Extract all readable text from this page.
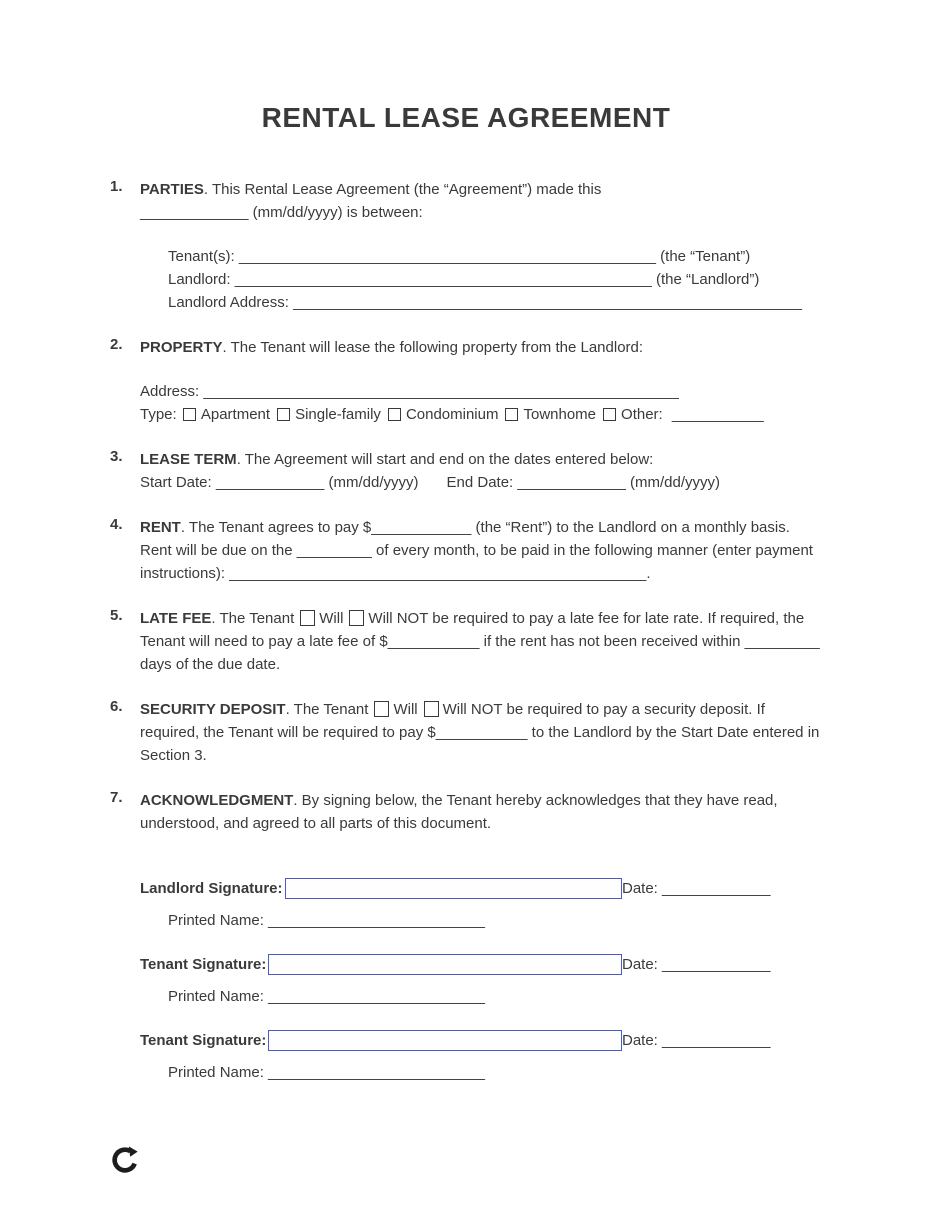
RENTAL LEASE AGREEMENT
1.	PARTIES. This Rental Lease Agreement (the “Agreement”) made this
_____________ (mm/dd/yyyy) is between:

Tenant(s): __________________________________________________ (the “Tenant”)

Landlord: __________________________________________________ (the “Landlord”)

Landlord Address: _____________________________________________________________

2.	PROPERTY. The Tenant will lease the following property from the Landlord:

Address: _________________________________________________________

Type: Apartment Single-family Condominium Townhome Other: ___________

3.	LEASE TERM. The Agreement will start and end on the dates entered below:

Start Date: _____________ (mm/dd/yyyy) End Date: _____________ (mm/dd/yyyy)

4.	RENT. The Tenant agrees to pay $____________ (the “Rent”) to the Landlord on a monthly basis. Rent will be due on the _________ of every month, to be paid in the following manner (enter payment instructions): __________________________________________________.

5.	LATE FEE. The Tenant Will Will NOT be required to pay a late fee for late rate. If required, the Tenant will need to pay a late fee of $___________ if the rent has not been received within _________ days of the due date.

6.	SECURITY DEPOSIT. The Tenant Will Will NOT be required to pay a security deposit. If required, the Tenant will be required to pay $___________ to the Landlord by the Start Date entered in Section 3.

7.	ACKNOWLEDGMENT. By signing below, the Tenant hereby acknowledges that they have read, understood, and agreed to all parts of this document.

Landlord Signature:	Date: _____________
Printed Name: __________________________
Tenant Signature:	Date: _____________
Printed Name: __________________________
Tenant Signature:	Date: _____________
Printed Name: __________________________
